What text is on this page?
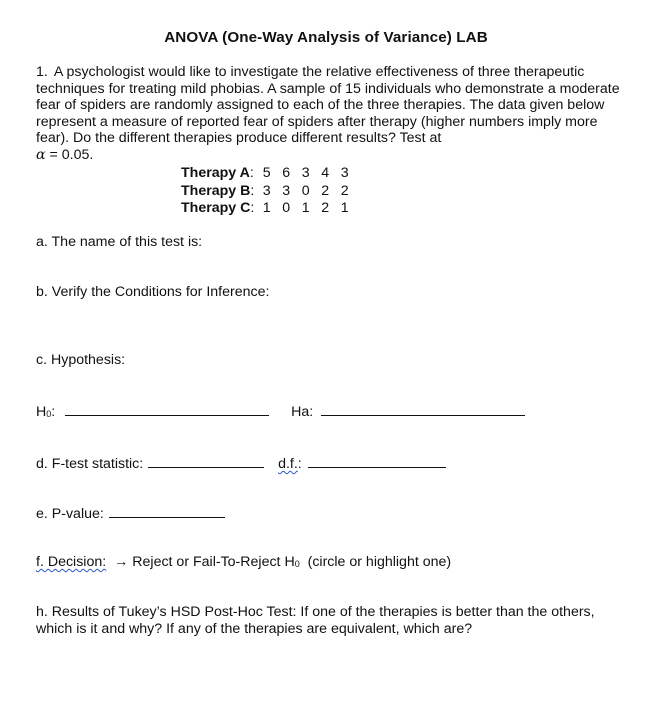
ANOVA (One-Way Analysis of Variance) LAB
1. A psychologist would like to investigate the relative effectiveness of three therapeutic techniques for treating mild phobias. A sample of 15 individuals who demonstrate a moderate fear of spiders are randomly assigned to each of the three therapies. The data given below represent a measure of reported fear of spiders after therapy (higher numbers imply more fear). Do the different therapies produce different results? Test at
α = 0.05.
Therapy A: 5 6 3 4 3
Therapy B: 3 3 0 2 2
Therapy C: 1 0 1 2 1
a. The name of this test is:
b. Verify the Conditions for Inference:
c. Hypothesis:
H0:	Ha:
d. F-test statistic:	d.f.:
e. P-value:
f. Decision: → Reject or Fail-To-Reject H0  (circle or highlight one)
h. Results of Tukey’s HSD Post-Hoc Test: If one of the therapies is better than the others, which is it and why? If any of the therapies are equivalent, which are?
